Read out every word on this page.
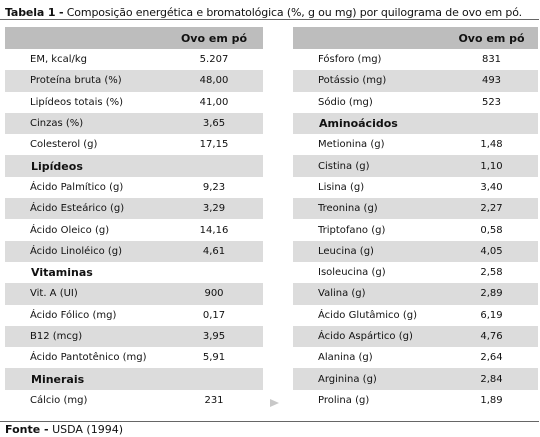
Tabela 1 - Composição energética e bromatológica (%, g ou mg) por quilograma de ovo em pó.
	Ovo em pó
EM, kcal/kg	5.207
Proteína bruta (%)	48,00
Lipídeos totais (%)	41,00
Cinzas (%)	3,65
Colesterol (g)	17,15
Lipídeos	
Ácido Palmítico (g)	9,23
Ácido Esteárico (g)	3,29
Ácido Oleico (g)	14,16
Ácido Linoléico (g)	4,61
Vitaminas	
Vit. A (UI)	900
Ácido Fólico (mg)	0,17
B12 (mcg)	3,95
Ácido Pantotênico (mg)	5,91
Minerais	
Cálcio (mg)	231
	Ovo em pó
Fósforo (mg)	831
Potássio (mg)	493
Sódio (mg)	523
Aminoácidos	
Metionina (g)	1,48
Cistina (g)	1,10
Lisina (g)	3,40
Treonina (g)	2,27
Triptofano (g)	0,58
Leucina (g)	4,05
Isoleucina (g)	2,58
Valina (g)	2,89
Ácido Glutâmico (g)	6,19
Ácido Aspártico (g)	4,76
Alanina (g)	2,64
Arginina (g)	2,84
Prolina (g)	1,89
Fonte - USDA (1994)
